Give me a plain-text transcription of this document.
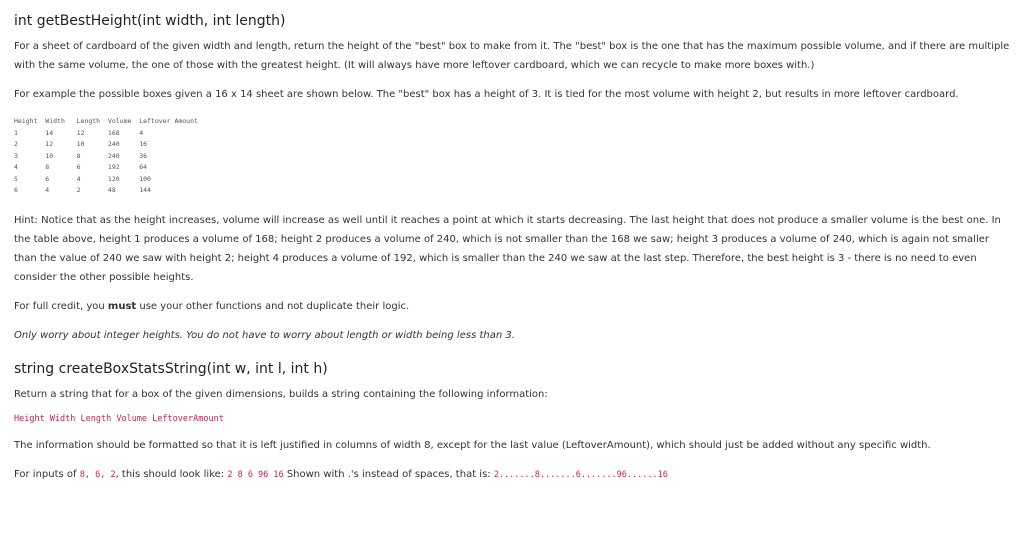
int getBestHeight(int width, int length)

For a sheet of cardboard of the given width and length, return the height of the "best" box to make from it. The "best" box is the one that has the maximum possible volume, and if there are multiple with the same volume, the one of those with the greatest height. (It will always have more leftover cardboard, which we can recycle to make more boxes with.)

For example the possible boxes given a 16 x 14 sheet are shown below. The "best" box has a height of 3. It is tied for the most volume with height 2, but results in more leftover cardboard.

Height  Width   Length  Volume  Leftover Amount
1       14      12      168     4
2       12      10      240     16
3       10      8       240     36
4       8       6       192     64
5       6       4       120     100
6       4       2       48      144

Hint: Notice that as the height increases, volume will increase as well until it reaches a point at which it starts decreasing. The last height that does not produce a smaller volume is the best one. In the table above, height 1 produces a volume of 168; height 2 produces a volume of 240, which is not smaller than the 168 we saw; height 3 produces a volume of 240, which is again not smaller than the value of 240 we saw with height 2; height 4 produces a volume of 192, which is smaller than the 240 we saw at the last step. Therefore, the best height is 3 - there is no need to even consider the other possible heights.

For full credit, you must use your other functions and not duplicate their logic.

Only worry about integer heights. You do not have to worry about length or width being less than 3.

string createBoxStatsString(int w, int l, int h)

Return a string that for a box of the given dimensions, builds a string containing the following information:

Height Width Length Volume LeftoverAmount

The information should be formatted so that it is left justified in columns of width 8, except for the last value (LeftoverAmount), which should just be added without any specific width.

For inputs of 8, 6, 2, this should look like: 2 8 6 96 16 Shown with .'s instead of spaces, that is: 2.......8.......6.......96......16
